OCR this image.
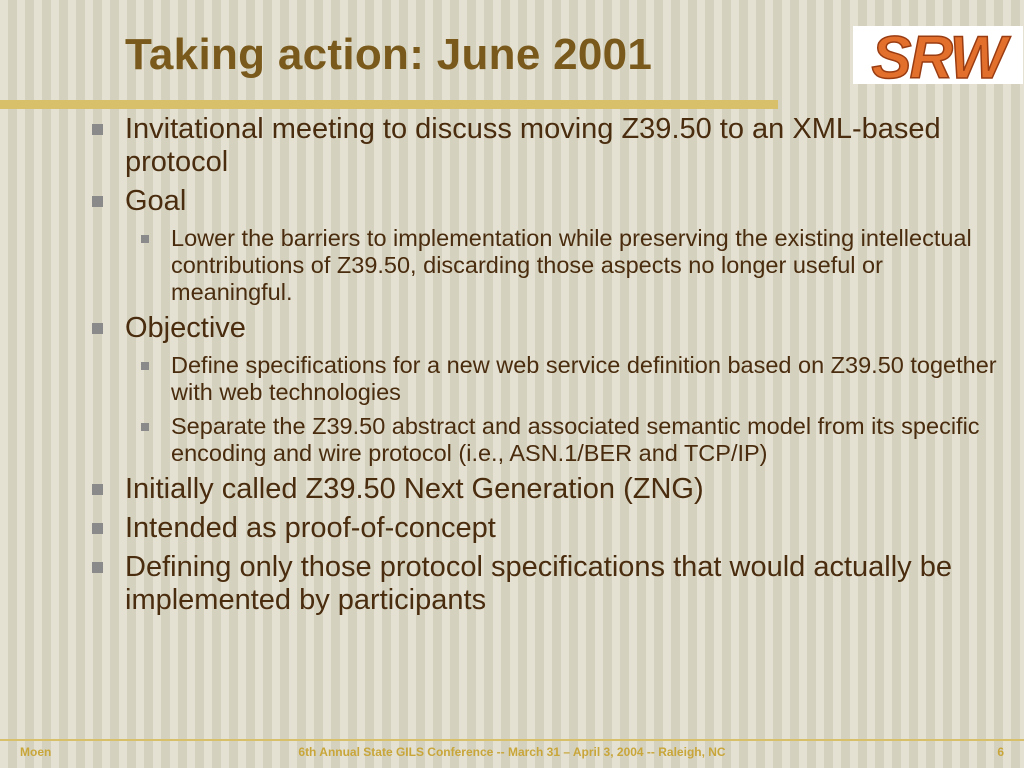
Taking action: June 2001	SRW
Invitational meeting to discuss moving Z39.50 to an XML-based protocol
Goal
Lower the barriers to implementation while preserving the existing intellectual contributions of Z39.50, discarding those aspects no longer useful or meaningful.
Objective
Define specifications for a new web service definition based on Z39.50 together with web technologies
Separate the Z39.50 abstract and associated semantic model from its specific encoding and wire protocol (i.e., ASN.1/BER and TCP/IP)
Initially called Z39.50 Next Generation (ZNG)
Intended as proof-of-concept
Defining only those protocol specifications that would actually be implemented by participants
Moen	6th Annual State GILS Conference -- March 31 – April 3, 2004 -- Raleigh, NC	6
